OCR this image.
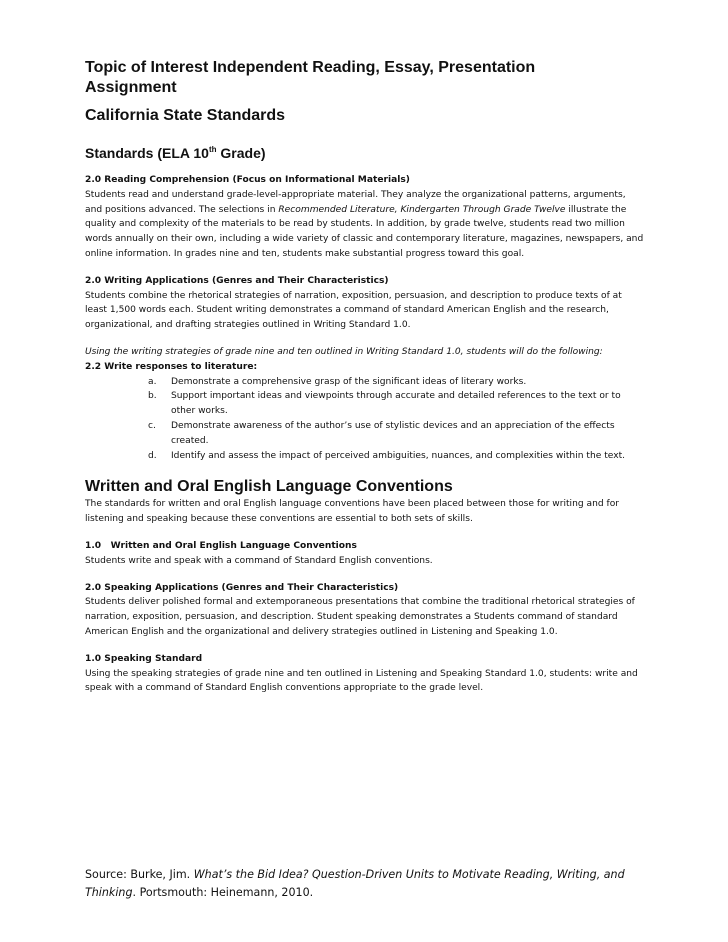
Topic of Interest Independent Reading, Essay, Presentation
Assignment
California State Standards
Standards (ELA 10th Grade)
2.0 Reading Comprehension (Focus on Informational Materials)
Students read and understand grade-level-appropriate material. They analyze the organizational patterns, arguments, and positions advanced. The selections in Recommended Literature, Kindergarten Through Grade Twelve illustrate the quality and complexity of the materials to be read by students. In addition, by grade twelve, students read two million words annually on their own, including a wide variety of classic and contemporary literature, magazines, newspapers, and online information. In grades nine and ten, students make substantial progress toward this goal.
2.0 Writing Applications (Genres and Their Characteristics)
Students combine the rhetorical strategies of narration, exposition, persuasion, and description to produce texts of at least 1,500 words each. Student writing demonstrates a command of standard American English and the research, organizational, and drafting strategies outlined in Writing Standard 1.0.
Using the writing strategies of grade nine and ten outlined in Writing Standard 1.0, students will do the following:
2.2 Write responses to literature:
a. Demonstrate a comprehensive grasp of the significant ideas of literary works.
b. Support important ideas and viewpoints through accurate and detailed references to the text or to other works.
c. Demonstrate awareness of the author’s use of stylistic devices and an appreciation of the effects created.
d. Identify and assess the impact of perceived ambiguities, nuances, and complexities within the text.
Written and Oral English Language Conventions
The standards for written and oral English language conventions have been placed between those for writing and for listening and speaking because these conventions are essential to both sets of skills.
1.0   Written and Oral English Language Conventions
Students write and speak with a command of Standard English conventions.
2.0 Speaking Applications (Genres and Their Characteristics)
Students deliver polished formal and extemporaneous presentations that combine the traditional rhetorical strategies of narration, exposition, persuasion, and description. Student speaking demonstrates a Students command of standard American English and the organizational and delivery strategies outlined in Listening and Speaking 1.0.
1.0 Speaking Standard
Using the speaking strategies of grade nine and ten outlined in Listening and Speaking Standard 1.0, students: write and speak with a command of Standard English conventions appropriate to the grade level.
Source: Burke, Jim. What’s the Bid Idea? Question-Driven Units to Motivate Reading, Writing, and Thinking. Portsmouth: Heinemann, 2010.
